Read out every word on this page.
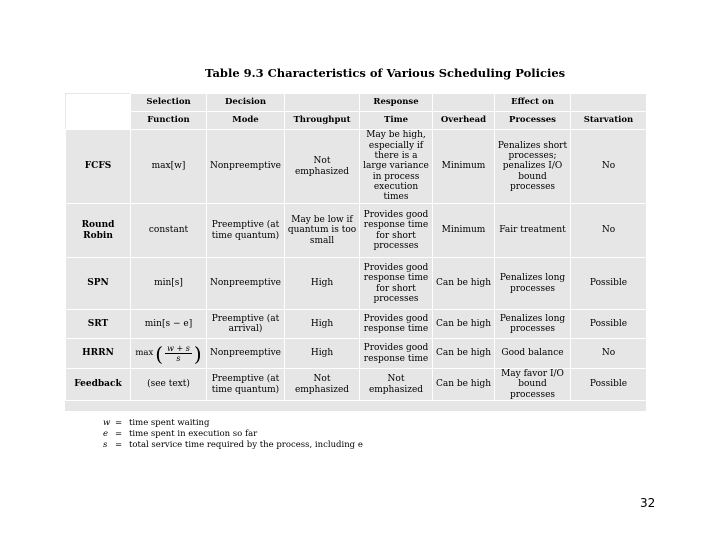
Table 9.3 Characteristics of Various Scheduling Policies
	Selection	Decision		Response		Effect on	
	Function	Mode	Throughput	Time	Overhead	Processes	Starvation
FCFS	max[w]	Nonpreemptive	Not emphasized	May be high, especially if there is a large variance in process execution times	Minimum	Penalizes short processes; penalizes I/O bound processes	No
Round Robin	constant	Preemptive (at time quantum)	May be low if quantum is too small	Provides good response time for short processes	Minimum	Fair treatment	No
SPN	min[s]	Nonpreemptive	High	Provides good response time for short processes	Can be high	Penalizes long processes	Possible
SRT	min[s − e]	Preemptive (at arrival)	High	Provides good response time	Can be high	Penalizes long processes	Possible
HRRN	max ( $\frac{w + s}{s}$ )	Nonpreemptive	High	Provides good response time	Can be high	Good balance	No
Feedback	(see text)	Preemptive (at time quantum)	Not emphasized	Not emphasized	Can be high	May favor I/O bound processes	Possible
w = time spent waiting
e = time spent in execution so far
s = total service time required by the process, including e
32
